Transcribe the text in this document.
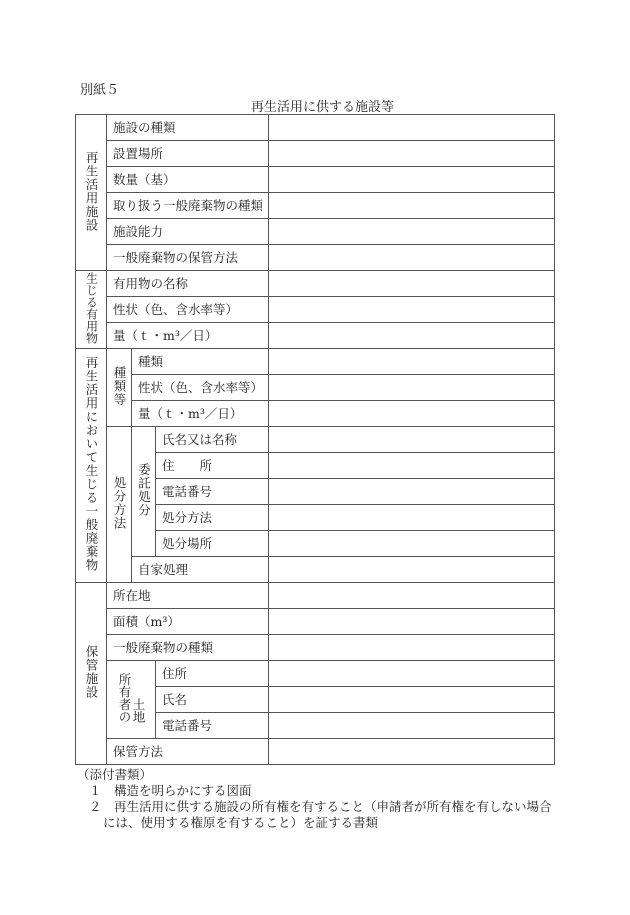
別紙５
再生活用に供する施設等
再生活用施設	施設の種類			
	設置場所			
	数量（基）			
	取り扱う一般廃棄物の種類			
	施設能力			
	一般廃棄物の保管方法			
生じる有用物	有用物の名称			
	性状（色、含水率等）			
	量（ｔ・m³／日）			
再生活用において生じる一般廃棄物	種類等	種類		
		性状（色、含水率等）		
		量（ｔ・m³／日）		
	処分方法	委託処分	氏名又は名称	
			住　　所	
			電話番号	
			処分方法	
			処分場所	
		自家処理		
保管施設	所在地			
	面積（m³）			
	一般廃棄物の種類			
	所有者の土地		住所	
			氏名	
			電話番号	
	保管方法			
（添付書類）
１　構造を明らかにする図面
２　再生活用に供する施設の所有権を有すること（申請者が所有権を有しない場合
には、使用する権原を有すること）を証する書類
